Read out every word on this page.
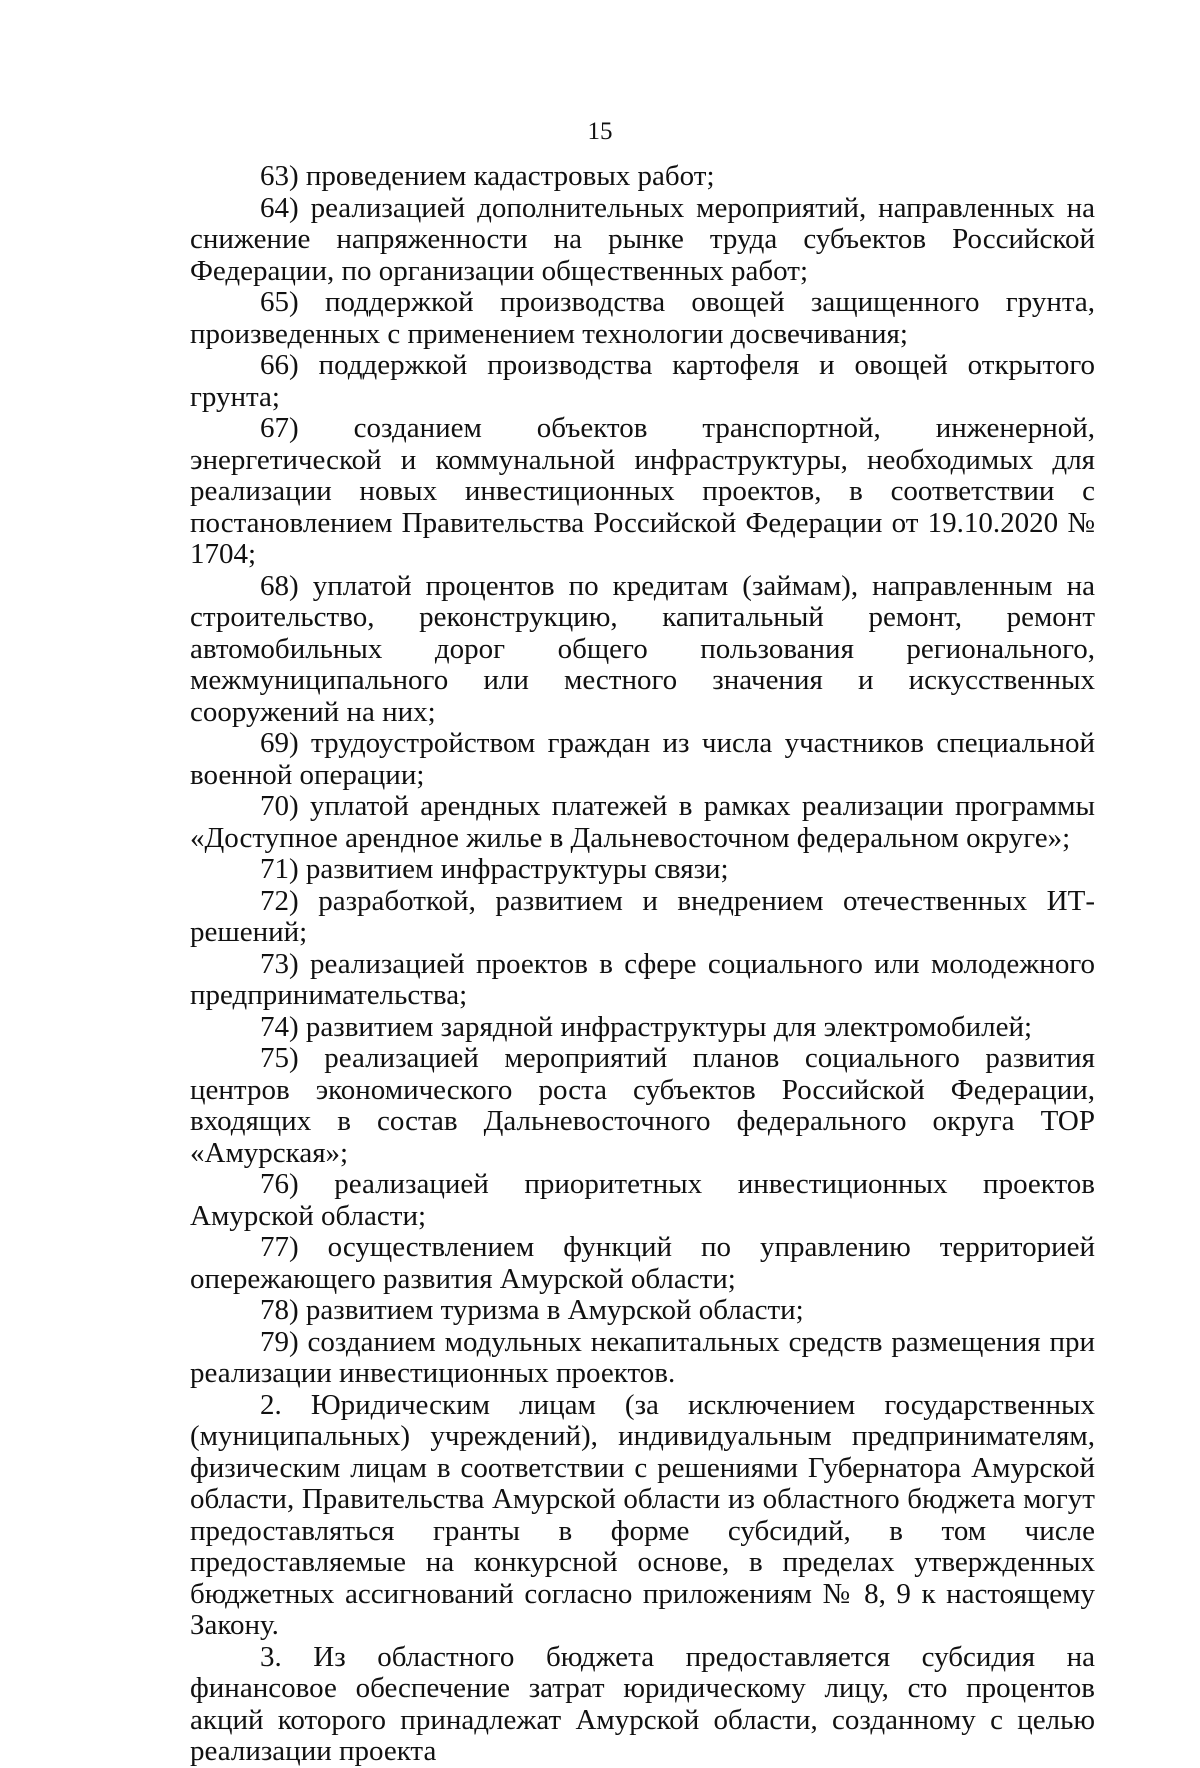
15

63) проведением кадастровых работ;

64) реализацией дополнительных мероприятий, направленных на снижение напряженности на рынке труда субъектов Российской Федерации, по организации общественных работ;

65) поддержкой производства овощей защищенного грунта, произведенных с применением технологии досвечивания;

66) поддержкой производства картофеля и овощей открытого грунта;

67) созданием объектов транспортной, инженерной, энергетической и коммунальной инфраструктуры, необходимых для реализации новых инвестиционных проектов, в соответствии с постановлением Правительства Российской Федерации от 19.10.2020 № 1704;

68) уплатой процентов по кредитам (займам), направленным на строительство, реконструкцию, капитальный ремонт, ремонт автомобильных дорог общего пользования регионального, межмуниципального или местного значения и искусственных сооружений на них;

69) трудоустройством граждан из числа участников специальной военной операции;

70) уплатой арендных платежей в рамках реализации программы «Доступное арендное жилье в Дальневосточном федеральном округе»;

71) развитием инфраструктуры связи;

72) разработкой, развитием и внедрением отечественных ИТ-решений;

73) реализацией проектов в сфере социального или молодежного предпринимательства;

74) развитием зарядной инфраструктуры для электромобилей;

75) реализацией мероприятий планов социального развития центров экономического роста субъектов Российской Федерации, входящих в состав Дальневосточного федерального округа ТОР «Амурская»;

76) реализацией приоритетных инвестиционных проектов Амурской области;

77) осуществлением функций по управлению территорией опережающего развития Амурской области;

78) развитием туризма в Амурской области;

79) созданием модульных некапитальных средств размещения при реализации инвестиционных проектов.

2. Юридическим лицам (за исключением государственных (муниципальных) учреждений), индивидуальным предпринимателям, физическим лицам в соответствии с решениями Губернатора Амурской области, Правительства Амурской области из областного бюджета могут предоставляться гранты в форме субсидий, в том числе предоставляемые на конкурсной основе, в пределах утвержденных бюджетных ассигнований согласно приложениям № 8, 9 к настоящему Закону.

3. Из областного бюджета предоставляется субсидия на финансовое обеспечение затрат юридическому лицу, сто процентов акций которого принадлежат Амурской области, созданному с целью реализации проекта
